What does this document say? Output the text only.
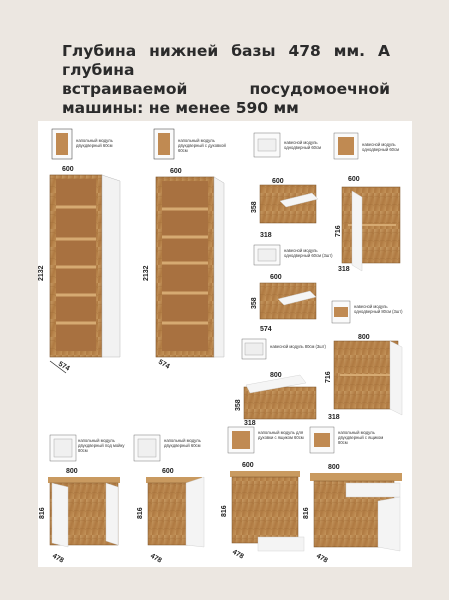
Глубина нижней базы 478 мм. А глубина
встраиваемой посудомоечной
машины: не менее 590 мм
600
2132
574
600
2132
574
600
358
318
600
716
318
600
358
574
800
716
318
800
358
318
800
816
478
600
816
478
600
816
478
800
816
478
напольный модуль двухдверный 60см
напольный модуль двухдверный с духовкой 60см
навесной модуль однодверный 60см
навесной модуль однодверный 60см
навесной модуль однодверный 60см (3шт)
навесной модуль однодверный 80см (3шт)
навесной модуль 80см (3шт)
напольный модуль двухдверный под мойку 80см
напольный модуль двухдверный 60см
напольный модуль для духовки с ящиком 60см
напольный модуль двухдверный с ящиком 80см
